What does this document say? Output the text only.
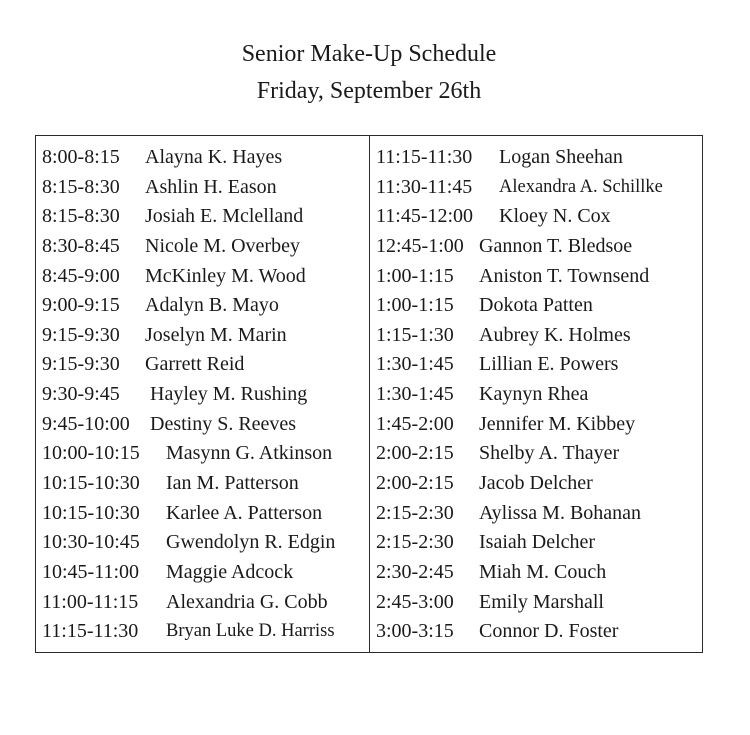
Senior Make-Up Schedule
Friday, September 26th
8:00-8:15 Alayna K. Hayes
8:15-8:30 Ashlin H. Eason
8:15-8:30 Josiah E. Mclelland
8:30-8:45 Nicole M. Overbey
8:45-9:00 McKinley M. Wood
9:00-9:15 Adalyn B. Mayo
9:15-9:30 Joselyn M. Marin
9:15-9:30 Garrett Reid
9:30-9:45 Hayley M. Rushing
9:45-10:00 Destiny S. Reeves
10:00-10:15 Masynn G. Atkinson
10:15-10:30 Ian M. Patterson
10:15-10:30 Karlee A. Patterson
10:30-10:45 Gwendolyn R. Edgin
10:45-11:00 Maggie Adcock
11:00-11:15 Alexandria G. Cobb
11:15-11:30 Bryan Luke D. Harriss
11:15-11:30 Logan Sheehan
11:30-11:45 Alexandra A. Schillke
11:45-12:00 Kloey N. Cox
12:45-1:00 Gannon T. Bledsoe
1:00-1:15 Aniston T. Townsend
1:00-1:15 Dokota Patten
1:15-1:30 Aubrey K. Holmes
1:30-1:45 Lillian E. Powers
1:30-1:45 Kaynyn Rhea
1:45-2:00 Jennifer M. Kibbey
2:00-2:15 Shelby A. Thayer
2:00-2:15 Jacob Delcher
2:15-2:30 Aylissa M. Bohanan
2:15-2:30 Isaiah Delcher
2:30-2:45 Miah M. Couch
2:45-3:00 Emily Marshall
3:00-3:15 Connor D. Foster
